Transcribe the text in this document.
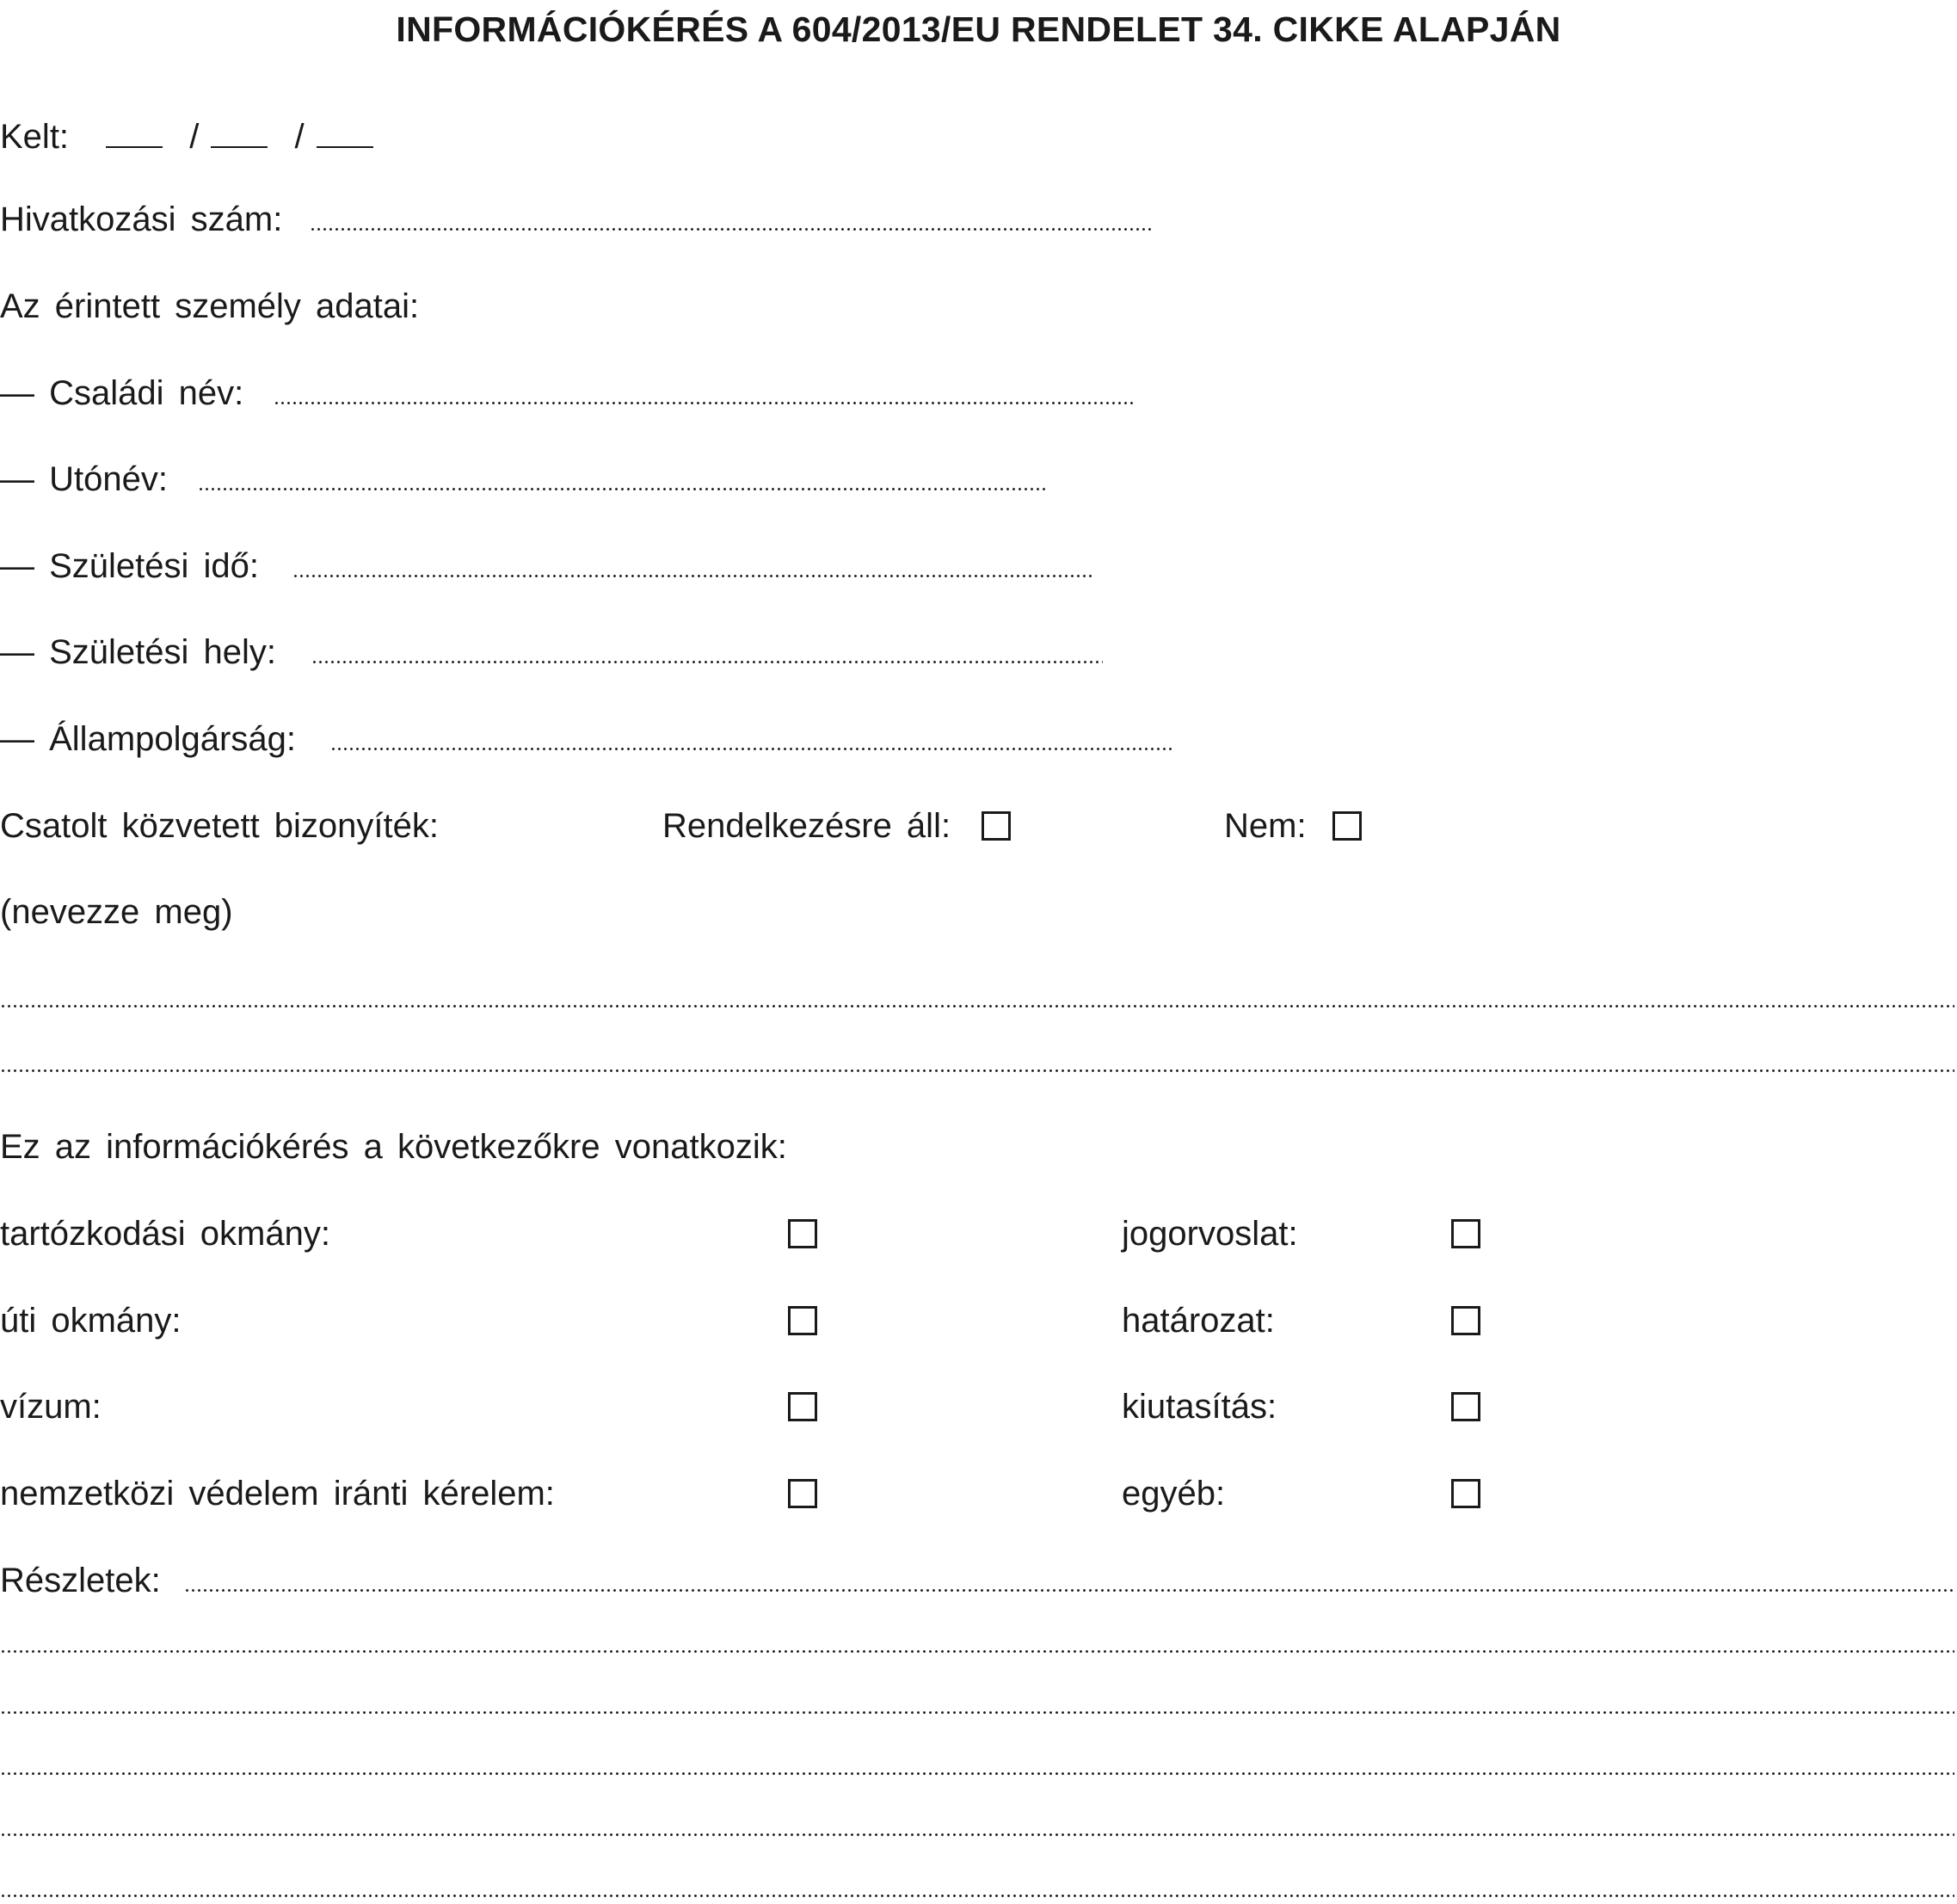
INFORMÁCIÓKÉRÉS A 604/2013/EU RENDELET 34. CIKKE ALAPJÁN
Kelt:	/	/
Hivatkozási szám:
Az érintett személy adatai:
— Családi név:
— Utónév:
— Születési idő:
— Születési hely:
— Állampolgárság:
Csatolt közvetett bizonyíték:	Rendelkezésre áll:	Nem:
(nevezze meg)
Ez az információkérés a következőkre vonatkozik:
tartózkodási okmány:	jogorvoslat:
úti okmány:	határozat:
vízum:	kiutasítás:
nemzetközi védelem iránti kérelem:	egyéb:
Részletek:
